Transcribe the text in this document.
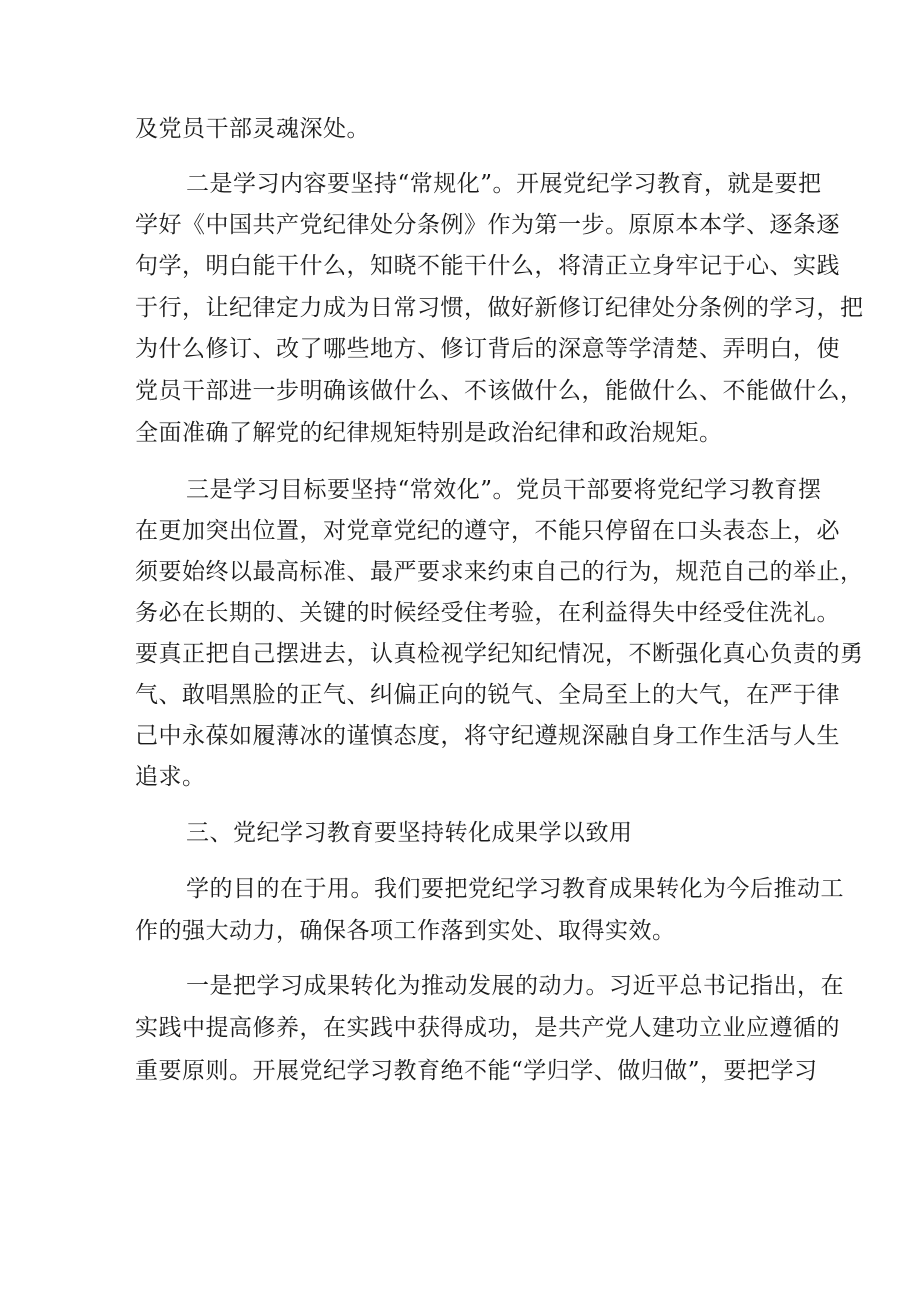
及党员干部灵魂深处。

二是学习内容要坚持“常规化”。开展党纪学习教育，就是要把

学好《中国共产党纪律处分条例》作为第一步。原原本本学、逐条逐

句学，明白能干什么，知晓不能干什么，将清正立身牢记于心、实践

于行，让纪律定力成为日常习惯，做好新修订纪律处分条例的学习，把

为什么修订、改了哪些地方、修订背后的深意等学清楚、弄明白，使

党员干部进一步明确该做什么、不该做什么，能做什么、不能做什么，

全面准确了解党的纪律规矩特别是政治纪律和政治规矩。

三是学习目标要坚持“常效化”。党员干部要将党纪学习教育摆

在更加突出位置，对党章党纪的遵守，不能只停留在口头表态上，必

须要始终以最高标准、最严要求来约束自己的行为，规范自己的举止，

务必在长期的、关键的时候经受住考验，在利益得失中经受住洗礼。

要真正把自己摆进去，认真检视学纪知纪情况，不断强化真心负责的勇

气、敢唱黑脸的正气、纠偏正向的锐气、全局至上的大气，在严于律

己中永葆如履薄冰的谨慎态度，将守纪遵规深融自身工作生活与人生

追求。

三、党纪学习教育要坚持转化成果学以致用

学的目的在于用。我们要把党纪学习教育成果转化为今后推动工

作的强大动力，确保各项工作落到实处、取得实效。

一是把学习成果转化为推动发展的动力。习近平总书记指出，在

实践中提高修养，在实践中获得成功，是共产党人建功立业应遵循的

重要原则。开展党纪学习教育绝不能“学归学、做归做”，要把学习
